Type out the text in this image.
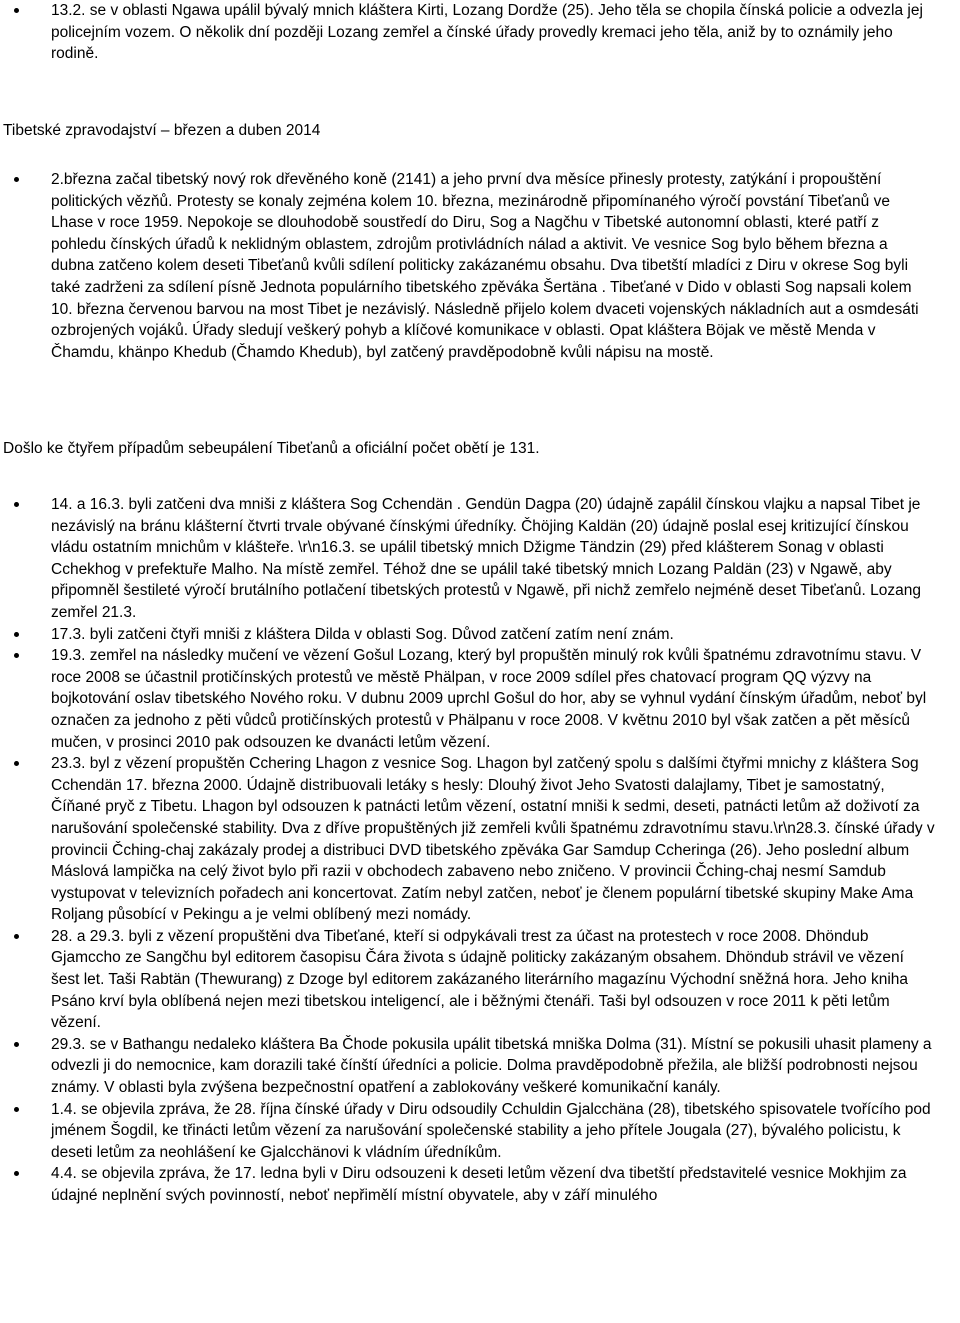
13.2. se v oblasti Ngawa upálil bývalý mnich kláštera Kirti, Lozang Dordže (25). Jeho těla se chopila čínská policie a odvezla jej policejním vozem. O několik dní později Lozang zemřel a čínské úřady provedly kremaci jeho těla, aniž by to oznámily jeho rodině.
Tibetské zpravodajství – březen a duben 2014
2.března začal tibetský nový rok dřevěného koně (2141) a jeho první dva měsíce přinesly protesty, zatýkání i propouštění politických vězňů. Protesty se konaly zejména kolem 10. března, mezinárodně připomínaného výročí povstání Tibeťanů ve Lhase v roce 1959. Nepokoje se dlouhodobě soustředí do Diru, Sog a Nagčhu v Tibetské autonomní oblasti, které patří z pohledu čínských úřadů k neklidným oblastem, zdrojům protivládních nálad a aktivit. Ve vesnice Sog bylo během března a dubna zatčeno kolem deseti Tibeťanů kvůli sdílení politicky zakázanému obsahu. Dva tibetští mladíci z Diru v okrese Sog byli také zadrženi za sdílení písně Jednota populárního tibetského zpěváka Šertäna . Tibeťané v Dido v oblasti Sog napsali kolem 10. března červenou barvou na most Tibet je nezávislý. Následně přijelo kolem dvaceti vojenských nákladních aut a osmdesáti ozbrojených vojáků. Úřady sledují veškerý pohyb a klíčové komunikace v oblasti. Opat kláštera Böjak ve městě Menda v Čhamdu, khänpo Khedub (Čhamdo Khedub), byl zatčený pravděpodobně kvůli nápisu na mostě.

Došlo ke čtyřem případům sebeupálení Tibeťanů a oficiální počet obětí je 131.

14. a 16.3. byli zatčeni dva mniši z kláštera Sog Cchendän . Gendün Dagpa (20) údajně zapálil čínskou vlajku a napsal Tibet je nezávislý na bránu klášterní čtvrti trvale obývané čínskými úředníky. Čhöjing Kaldän (20) údajně poslal esej kritizující čínskou vládu ostatním mnichům v klášteře. \r\n16.3. se upálil tibetský mnich Džigme Tändzin (29) před klášterem Sonag v oblasti Cchekhog v prefektuře Malho. Na místě zemřel. Téhož dne se upálil také tibetský mnich Lozang Paldän (23) v Ngawě, aby připomněl šestileté výročí brutálního potlačení tibetských protestů v Ngawě, při nichž zemřelo nejméně deset Tibeťanů. Lozang zemřel 21.3.
17.3. byli zatčeni čtyři mniši z kláštera Dilda v oblasti Sog. Důvod zatčení zatím není znám.
19.3. zemřel na následky mučení ve vězení Gošul Lozang, který byl propuštěn minulý rok kvůli špatnému zdravotnímu stavu. V roce 2008 se účastnil protičínských protestů ve městě Phälpan, v roce 2009 sdílel přes chatovací program QQ výzvy na bojkotování oslav tibetského Nového roku. V dubnu 2009 uprchl Gošul do hor, aby se vyhnul vydání čínským úřadům, neboť byl označen za jednoho z pěti vůdců protičínských protestů v Phälpanu v roce 2008. V květnu 2010 byl však zatčen a pět měsíců mučen, v prosinci 2010 pak odsouzen ke dvanácti letům vězení.
23.3. byl z vězení propuštěn Cchering Lhagon z vesnice Sog. Lhagon byl zatčený spolu s dalšími čtyřmi mnichy z kláštera Sog Cchendän 17. března 2000. Údajně distribuovali letáky s hesly: Dlouhý život Jeho Svatosti dalajlamy, Tibet je samostatný, Číňané pryč z Tibetu. Lhagon byl odsouzen k patnácti letům vězení, ostatní mniši k sedmi, deseti, patnácti letům až doživotí za narušování společenské stability. Dva z dříve propuštěných již zemřeli kvůli špatnému zdravotnímu stavu.\r\n28.3. čínské úřady v provincii Čching-chaj zakázaly prodej a distribuci DVD tibetského zpěváka Gar Samdup Ccheringa (26). Jeho poslední album Máslová lampička na celý život bylo při razii v obchodech zabaveno nebo zničeno. V provincii Čching-chaj nesmí Samdub vystupovat v televizních pořadech ani koncertovat. Zatím nebyl zatčen, neboť je členem populární tibetské skupiny Make Ama Roljang působící v Pekingu a je velmi oblíbený mezi nomády.
28. a 29.3. byli z vězení propuštěni dva Tibeťané, kteří si odpykávali trest za účast na protestech v roce 2008. Dhöndub Gjamccho ze Sangčhu byl editorem časopisu Čára života s údajně politicky zakázaným obsahem. Dhöndub strávil ve vězení šest let. Taši Rabtän (Thewurang) z Dzoge byl editorem zakázaného literárního magazínu Východní sněžná hora. Jeho kniha Psáno krví byla oblíbená nejen mezi tibetskou inteligencí, ale i běžnými čtenáři. Taši byl odsouzen v roce 2011 k pěti letům vězení.
29.3. se v Bathangu nedaleko kláštera Ba Čhode pokusila upálit tibetská mniška Dolma (31). Místní se pokusili uhasit plameny a odvezli ji do nemocnice, kam dorazili také čínští úředníci a policie. Dolma pravděpodobně přežila, ale bližší podrobnosti nejsou známy. V oblasti byla zvýšena bezpečnostní opatření a zablokovány veškeré komunikační kanály.
1.4. se objevila zpráva, že 28. října čínské úřady v Diru odsoudily Cchuldin Gjalcchäna (28), tibetského spisovatele tvořícího pod jménem Šogdil, ke třinácti letům vězení za narušování společenské stability a jeho přítele Jougala (27), bývalého policistu, k deseti letům za neohlášení ke Gjalcchänovi k vládním úředníkům.
4.4. se objevila zpráva, že 17. ledna byli v Diru odsouzeni k deseti letům vězení dva tibetští představitelé vesnice Mokhjim za údajné neplnění svých povinností, neboť nepřimělí místní obyvatele, aby v září minulého
